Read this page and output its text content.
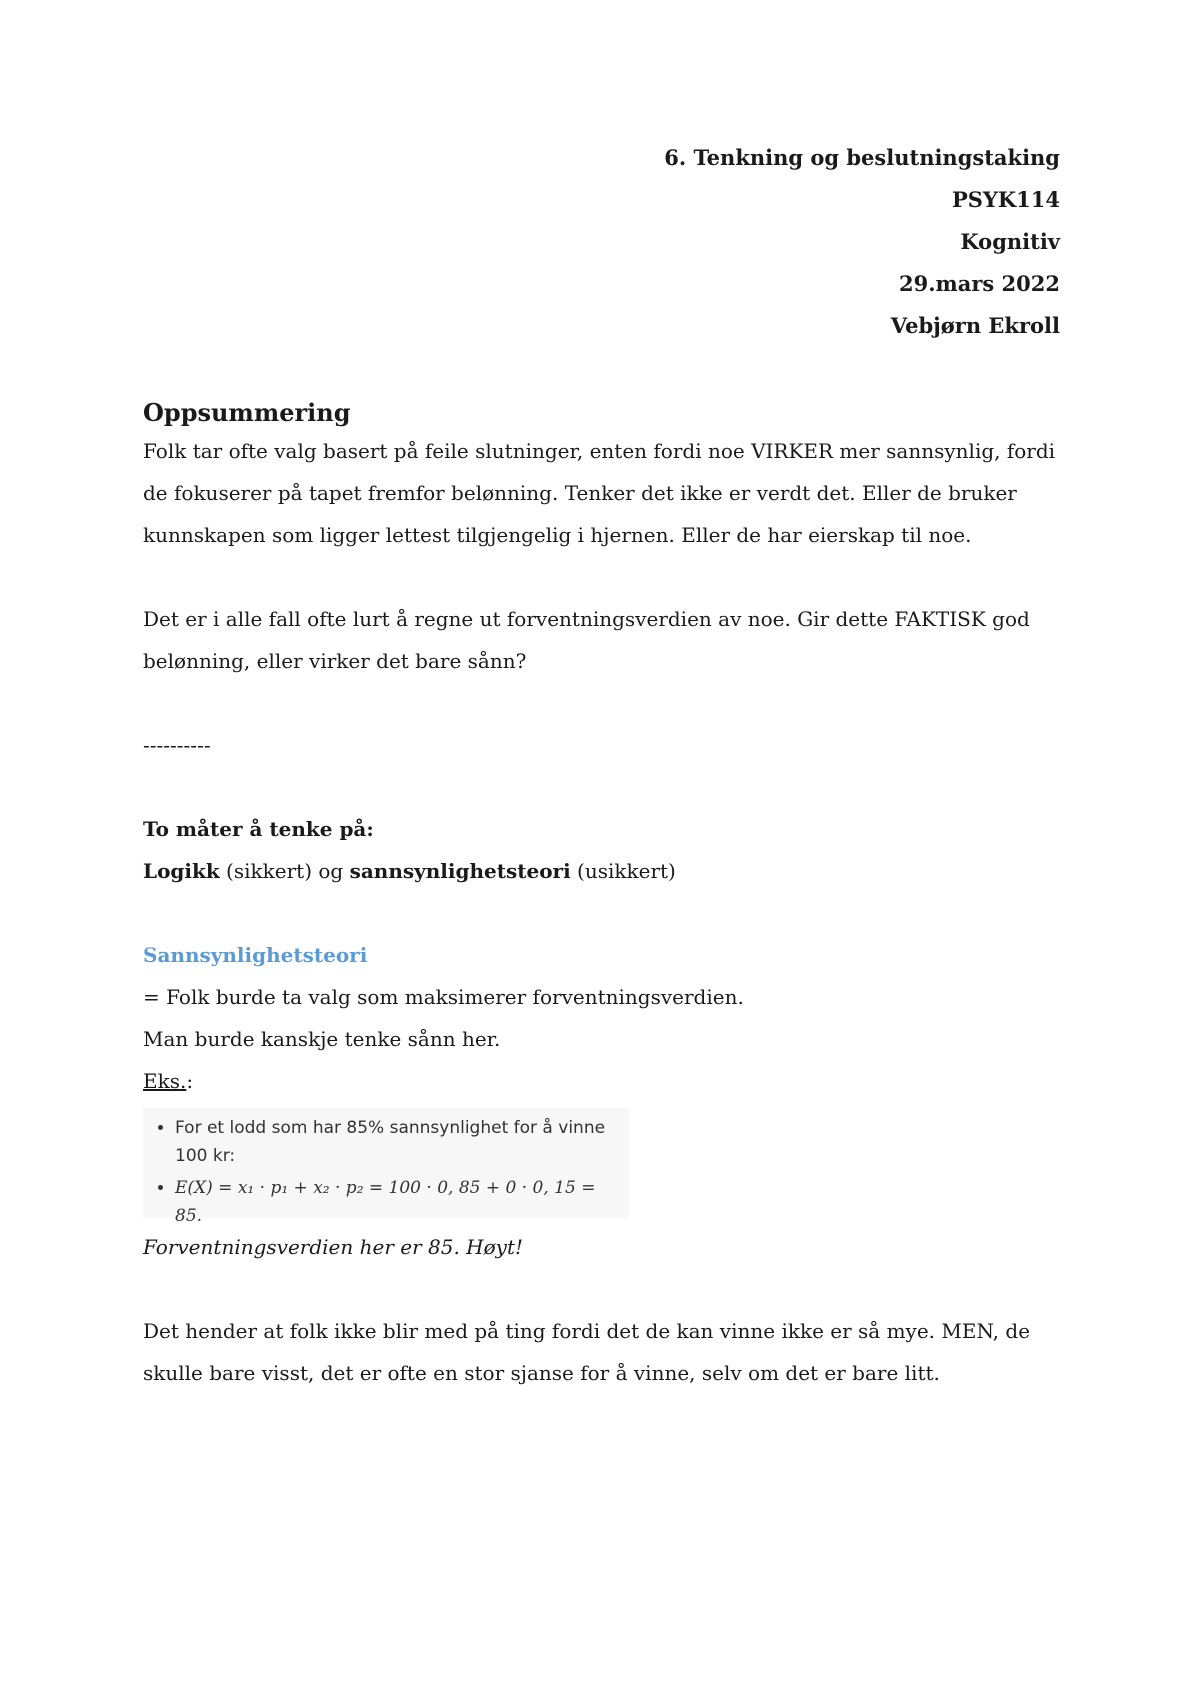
6. Tenkning og beslutningstaking
PSYK114
Kognitiv
29.mars 2022
Vebjørn Ekroll
Oppsummering

Folk tar ofte valg basert på feile slutninger, enten fordi noe VIRKER mer sannsynlig, fordi de fokuserer på tapet fremfor belønning. Tenker det ikke er verdt det. Eller de bruker kunnskapen som ligger lettest tilgjengelig i hjernen. Eller de har eierskap til noe.

Det er i alle fall ofte lurt å regne ut forventningsverdien av noe. Gir dette FAKTISK god belønning, eller virker det bare sånn?

----------

To måter å tenke på:

Logikk (sikkert) og sannsynlighetsteori (usikkert)

Sannsynlighetsteori

= Folk burde ta valg som maksimerer forventningsverdien.

Man burde kanskje tenke sånn her.

Eks.:

• For et lodd som har 85% sannsynlighet for å vinne 100 kr:
• E(X) = x₁ · p₁ + x₂ · p₂ = 100 · 0, 85 + 0 · 0, 15 = 85.

Forventningsverdien her er 85. Høyt!

Det hender at folk ikke blir med på ting fordi det de kan vinne ikke er så mye. MEN, de skulle bare visst, det er ofte en stor sjanse for å vinne, selv om det er bare litt.
